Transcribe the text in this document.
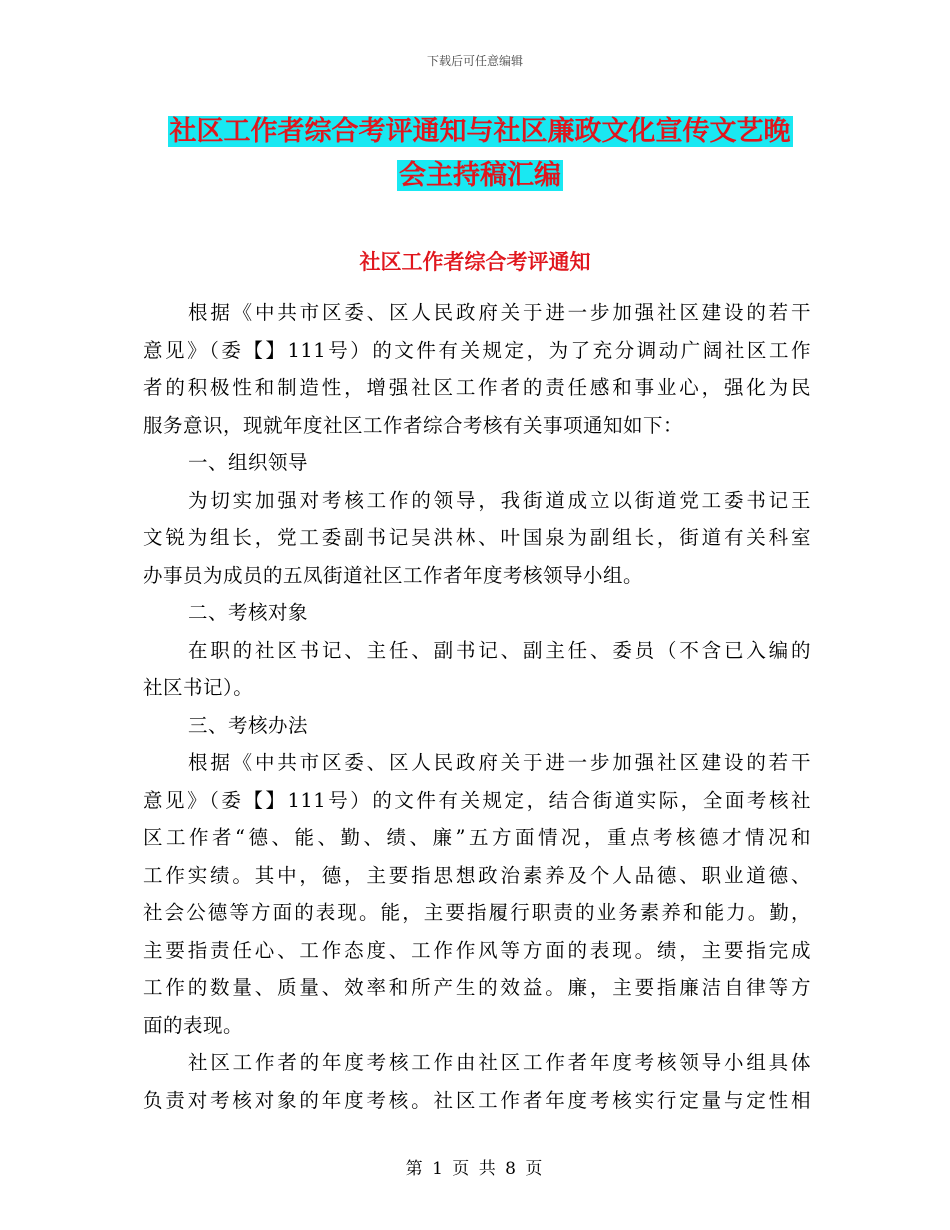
下载后可任意编辑
社区工作者综合考评通知与社区廉政文化宣传文艺晚
会主持稿汇编
社区工作者综合考评通知
根据《中共市区委、区人民政府关于进一步加强社区建设的若干
意见》（委【】111号）的文件有关规定，为了充分调动广阔社区工作
者的积极性和制造性，增强社区工作者的责任感和事业心，强化为民
服务意识，现就年度社区工作者综合考核有关事项通知如下：
一、组织领导
为切实加强对考核工作的领导，我街道成立以街道党工委书记王
文锐为组长，党工委副书记吴洪林、叶国泉为副组长，街道有关科室
办事员为成员的五凤街道社区工作者年度考核领导小组。
二、考核对象
在职的社区书记、主任、副书记、副主任、委员（不含已入编的
社区书记）。
三、考核办法
根据《中共市区委、区人民政府关于进一步加强社区建设的若干
意见》（委【】111号）的文件有关规定，结合街道实际，全面考核社
区工作者“德、能、勤、绩、廉”五方面情况，重点考核德才情况和
工作实绩。其中，德，主要指思想政治素养及个人品德、职业道德、
社会公德等方面的表现。能，主要指履行职责的业务素养和能力。勤，
主要指责任心、工作态度、工作作风等方面的表现。绩，主要指完成
工作的数量、质量、效率和所产生的效益。廉，主要指廉洁自律等方
面的表现。
社区工作者的年度考核工作由社区工作者年度考核领导小组具体
负责对考核对象的年度考核。社区工作者年度考核实行定量与定性相
第 1 页 共 8 页
